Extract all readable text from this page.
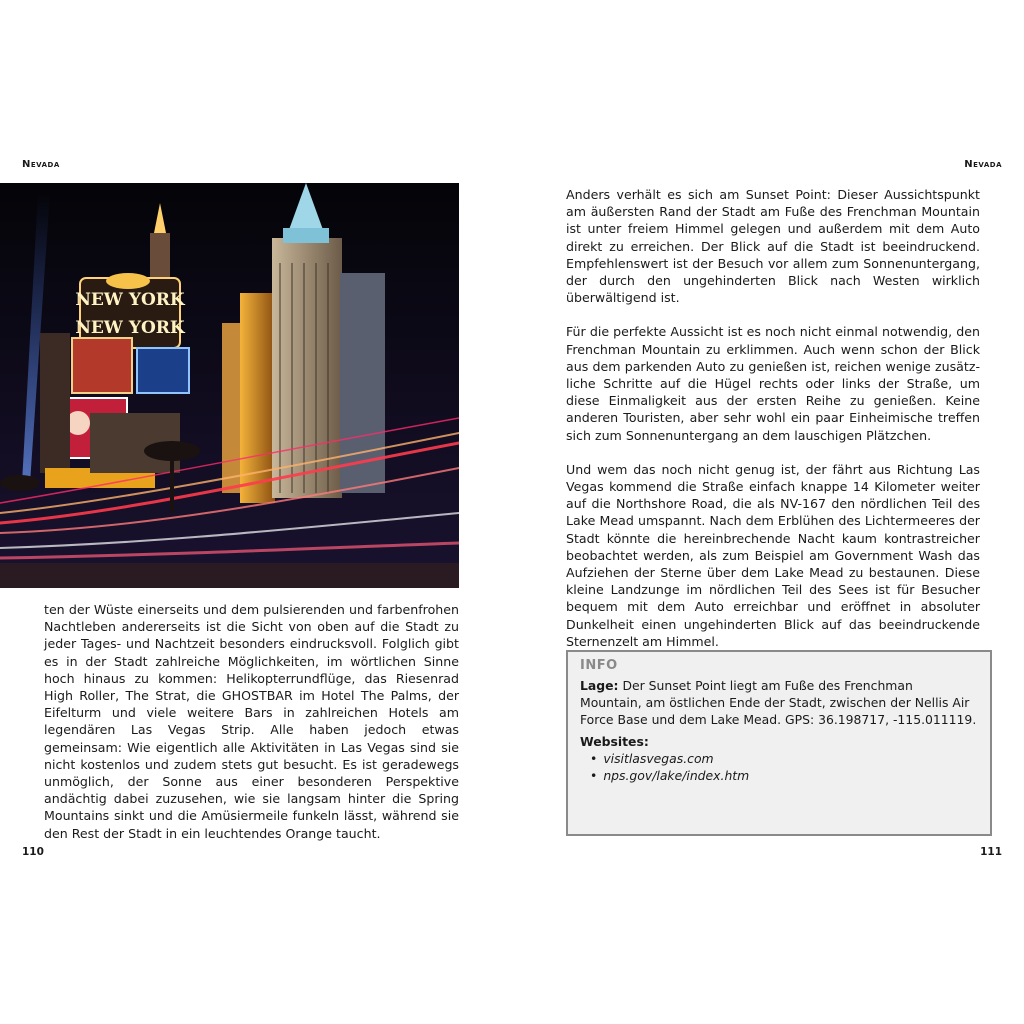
Nevada
NEW YORK
NEW YORK

ten der Wüste einerseits und dem pulsierenden und farbenfrohen Nachtleben andererseits ist die Sicht von oben auf die Stadt zu jeder Tages- und Nachtzeit besonders eindrucksvoll. Folglich gibt es in der Stadt zahlreiche Möglichkeiten, im wörtlichen Sinne hoch hinaus zu kommen: Helikopterrundflüge, das Riesenrad High Roller, The Strat, die GHOSTBAR im Hotel The Palms, der Eifelturm und viele weitere Bars in zahlreichen Hotels am legendären Las Vegas Strip. Alle haben jedoch etwas gemeinsam: Wie eigentlich alle Aktivitäten in Las Vegas sind sie nicht kostenlos und zudem stets gut besucht. Es ist geradewegs unmöglich, der Sonne aus einer besonderen Perspektive andächtig dabei zuzusehen, wie sie langsam hinter die Spring Mountains sinkt und die Amüsiermeile funkeln lässt, während sie den Rest der Stadt in ein leuchtendes Orange taucht.

110
Nevada

Anders verhält es sich am Sunset Point: Dieser Aussichtspunkt am äußersten Rand der Stadt am Fuße des Frenchman Mountain ist unter freiem Himmel gelegen und außerdem mit dem Auto direkt zu erreichen. Der Blick auf die Stadt ist beeindruckend. Empfehlenswert ist der Besuch vor allem zum Sonnenuntergang, der durch den ungehinderten Blick nach Westen wirklich überwältigend ist.

Für die perfekte Aussicht ist es noch nicht einmal notwendig, den Frenchman Mountain zu erklimmen. Auch wenn schon der Blick aus dem parkenden Auto zu genießen ist, reichen wenige zusätzliche Schritte auf die Hügel rechts oder links der Straße, um diese Einmaligkeit aus der ersten Reihe zu genießen. Keine anderen Touristen, aber sehr wohl ein paar Einheimische treffen sich zum Sonnenuntergang an dem lauschigen Plätzchen.

Und wem das noch nicht genug ist, der fährt aus Richtung Las Vegas kommend die Straße einfach knappe 14 Kilometer weiter auf die Northshore Road, die als NV-167 den nördlichen Teil des Lake Mead umspannt. Nach dem Erblühen des Lichtermeeres der Stadt könnte die hereinbrechende Nacht kaum kontrastreicher beobachtet werden, als zum Beispiel am Government Wash das Aufziehen der Sterne über dem Lake Mead zu bestaunen. Diese kleine Landzunge im nördlichen Teil des Sees ist für Besucher bequem mit dem Auto erreichbar und eröffnet in absoluter Dunkelheit einen ungehinderten Blick auf das beeindruckende Sternenzelt am Himmel.

INFO

Lage: Der Sunset Point liegt am Fuße des Frenchman Mountain, am östlichen Ende der Stadt, zwischen der Nellis Air Force Base und dem Lake Mead. GPS: 36.198717, -115.011119.

Websites:

• visitlasvegas.com
• nps.gov/lake/index.htm
111
